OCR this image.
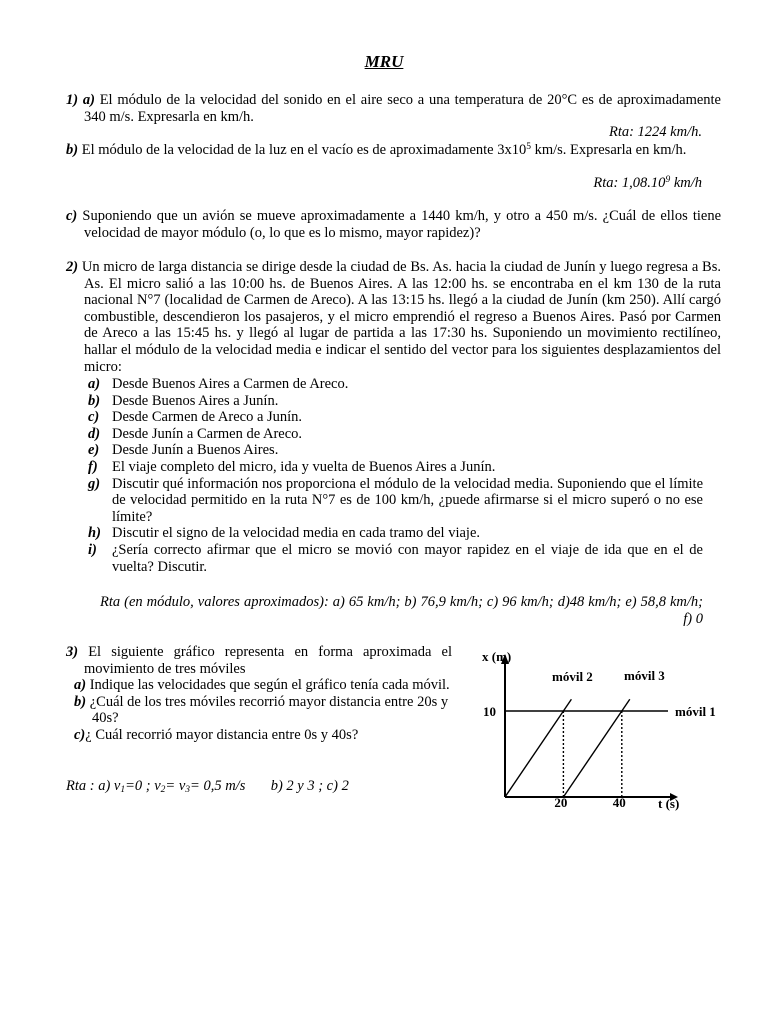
MRU
1) a) El módulo de la velocidad del sonido en el aire seco a una temperatura de 20°C es de aproximadamente 340 m/s. Expresarla en km/h.
Rta: 1224 km/h.
b) El módulo de la velocidad de la luz en el vacío es de aproximadamente $3x10^5$ km/s. Expresarla en km/h.
Rta: 1,08.10$^9$ km/h
c) Suponiendo que un avión se mueve aproximadamente a 1440 km/h, y otro a 450 m/s. ¿Cuál de ellos tiene velocidad de mayor módulo (o, lo que es lo mismo, mayor rapidez)?
2) Un micro de larga distancia se dirige desde la ciudad de Bs. As. hacia la ciudad de Junín y luego regresa a Bs. As. El micro salió a las 10:00 hs. de Buenos Aires. A las 12:00 hs. se encontraba en el km 130 de la ruta nacional N°7 (localidad de Carmen de Areco). A las 13:15 hs. llegó a la ciudad de Junín (km 250). Allí cargó combustible, descendieron los pasajeros, y el micro emprendió el regreso a Buenos Aires. Pasó por Carmen de Areco a las 15:45 hs. y llegó al lugar de partida a las 17:30 hs. Suponiendo un movimiento rectilíneo, hallar el módulo de la velocidad media e indicar el sentido del vector para los siguientes desplazamientos del micro:
a) Desde Buenos Aires a Carmen de Areco.
b) Desde Buenos Aires a Junín.
c) Desde Carmen de Areco a Junín.
d) Desde Junín a Carmen de Areco.
e) Desde Junín a Buenos Aires.
f) El viaje completo del micro, ida y vuelta de Buenos Aires a Junín.
g) Discutir qué información nos proporciona el módulo de la velocidad media. Suponiendo que el límite de velocidad permitido en la ruta N°7 es de 100 km/h, ¿puede afirmarse si el micro superó o no ese límite?
h) Discutir el signo de la velocidad media en cada tramo del viaje.
i) ¿Sería correcto afirmar que el micro se movió con mayor rapidez en el viaje de ida que en el de vuelta? Discutir.
Rta (en módulo, valores aproximados): a) 65 km/h; b) 76,9 km/h; c) 96 km/h; d)48 km/h; e) 58,8 km/h; f) 0
3) El siguiente gráfico representa en forma aproximada el movimiento de tres móviles
a) Indique las velocidades que según el gráfico tenía cada móvil.
b) ¿Cuál de los tres móviles recorrió mayor distancia entre 20s y 40s?
c)¿ Cuál recorrió mayor distancia entre 0s y 40s?
Rta : a) $v_1=0$ ; $v_2= v_3= 0,5$ m/s       b) 2 y 3 ; c) 2
x (m)
t (s)
10
20	40
móvil 2 móvil 3
móvil 1
